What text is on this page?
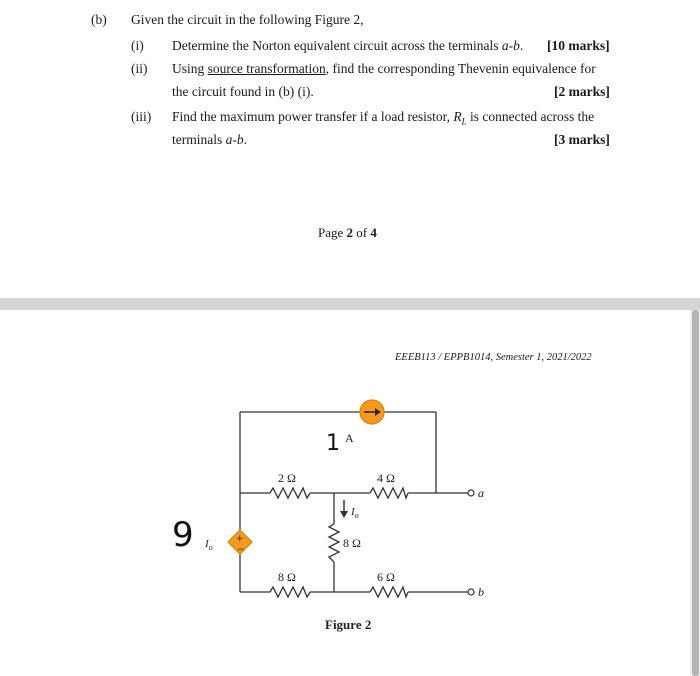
(b) Given the circuit in the following Figure 2,
(i) Determine the Norton equivalent circuit across the terminals a-b. [10 marks]
(ii) Using source transformation, find the corresponding Thevenin equivalence for
the circuit found in (b) (i).	[2 marks]
(iii) Find the maximum power transfer if a load resistor, $R_L$ is connected across the
terminals a-b.	[3 marks]
Page 2 of 4
EEEB113 / EPPB1014, Semester 1, 2021/2022
1 A
+
−
9 $I_o$
$I_o$
2 Ω	4 Ω
8 Ω
8 Ω	6 Ω
a
b
Figure 2
